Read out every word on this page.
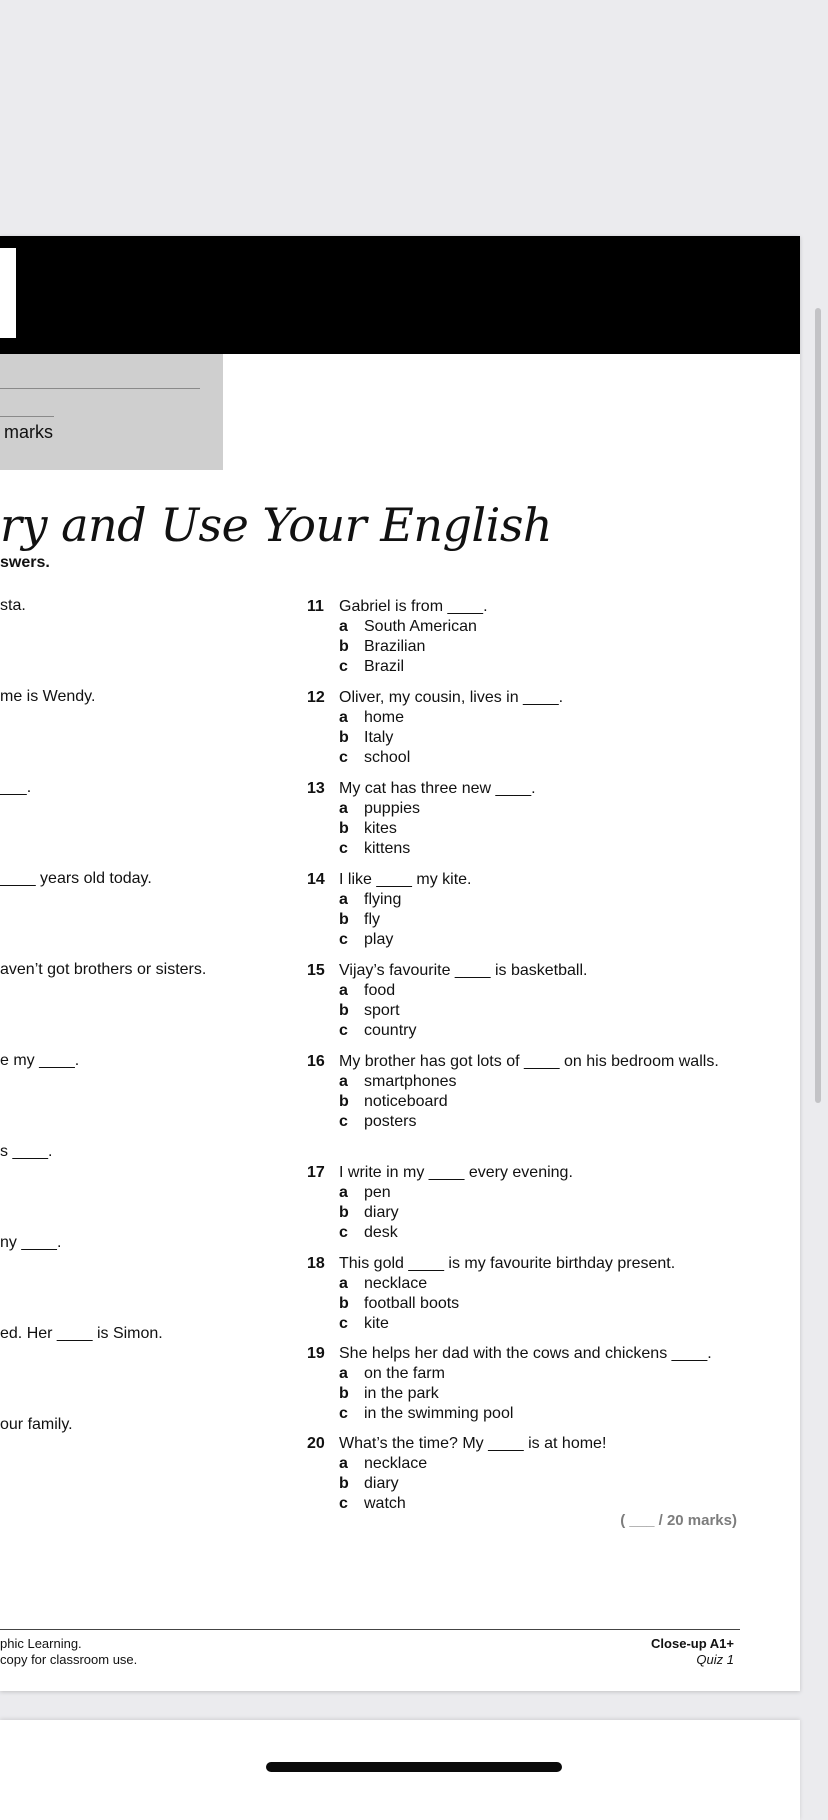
marks
ry and Use Your English
swers.
sta.
me is Wendy.
___.
____ years old today.
aven’t got brothers or sisters.
e my ____.
s ____.
ny ____.
ed. Her ____ is Simon.
our family.
11 Gabriel is from ____.
a	South American
b Brazilian
c	Brazil
12 Oliver, my cousin, lives in ____.
a	home
b Italy
c	school
13 My cat has three new ____.
a	puppies
b kites
c	kittens
14 I like ____ my kite.
a	flying
b fly
c	play
15 Vijay’s favourite ____ is basketball.
a	food
b sport
c	country
16 My brother has got lots of ____ on his bedroom walls.
a	smartphones
b noticeboard
c	posters
17 I write in my ____ every evening.
a	pen
b diary
c	desk
18 This gold ____ is my favourite birthday present.
a	necklace
b football boots
c	kite
19 She helps her dad with the cows and chickens ____.
a	on the farm
b in the park
c	in the swimming pool
20 What’s the time? My ____ is at home!
a	necklace
b diary
c	watch
( ___ / 20 marks)
phic Learning.
copy for classroom use.
Close-up A1+
Quiz 1
